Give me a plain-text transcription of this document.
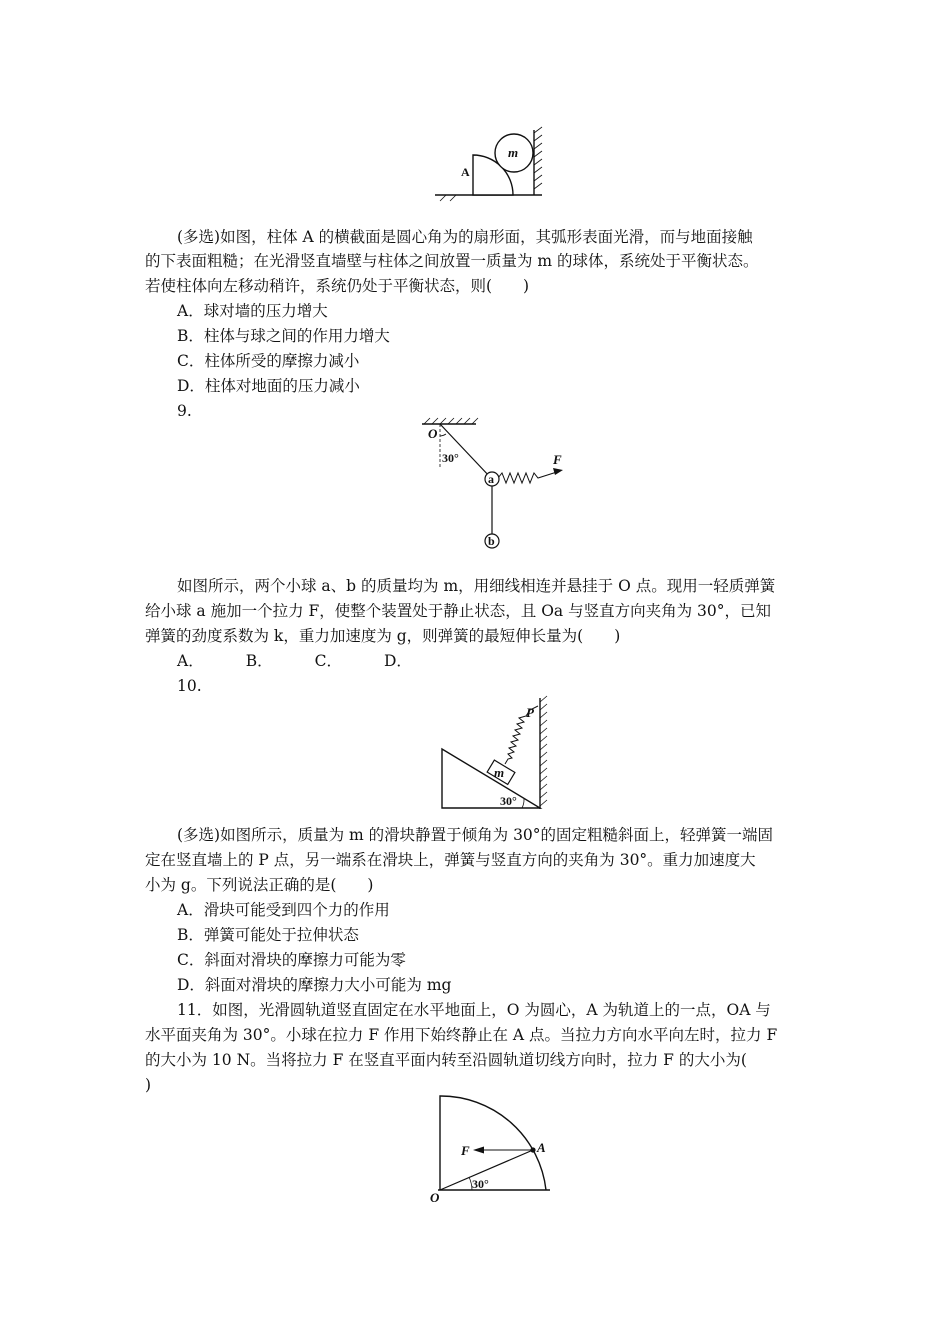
m
A
(多选)如图，柱体 A 的横截面是圆心角为的扇形面，其弧形表面光滑，而与地面接触
的下表面粗糙；在光滑竖直墙壁与柱体之间放置一质量为 m 的球体，系统处于平衡状态。
若使柱体向左移动稍许，系统仍处于平衡状态，则(　　)
A．球对墙的压力增大
B．柱体与球之间的作用力增大
C．柱体所受的摩擦力减小
D．柱体对地面的压力减小
9.
O
30°
a
b
F
如图所示，两个小球 a、b 的质量均为 m，用细线相连并悬挂于 O 点。现用一轻质弹簧
给小球 a 施加一个拉力 F，使整个装置处于静止状态，且 Oa 与竖直方向夹角为 30°，已知
弹簧的劲度系数为 k，重力加速度为 g，则弹簧的最短伸长量为(　　)
A．	B．	C．	D．
10.
m
P
30°
(多选)如图所示，质量为 m 的滑块静置于倾角为 30°的固定粗糙斜面上，轻弹簧一端固
定在竖直墙上的 P 点，另一端系在滑块上，弹簧与竖直方向的夹角为 30°。重力加速度大
小为 g。下列说法正确的是(　　)
A．滑块可能受到四个力的作用
B．弹簧可能处于拉伸状态
C．斜面对滑块的摩擦力可能为零
D．斜面对滑块的摩擦力大小可能为 mg
11．如图，光滑圆轨道竖直固定在水平地面上，O 为圆心，A 为轨道上的一点，OA 与
水平面夹角为 30°。小球在拉力 F 作用下始终静止在 A 点。当拉力方向水平向左时，拉力 F
的大小为 10 N。当将拉力 F 在竖直平面内转至沿圆轨道切线方向时，拉力 F 的大小为(
)
F	A
O
30°
